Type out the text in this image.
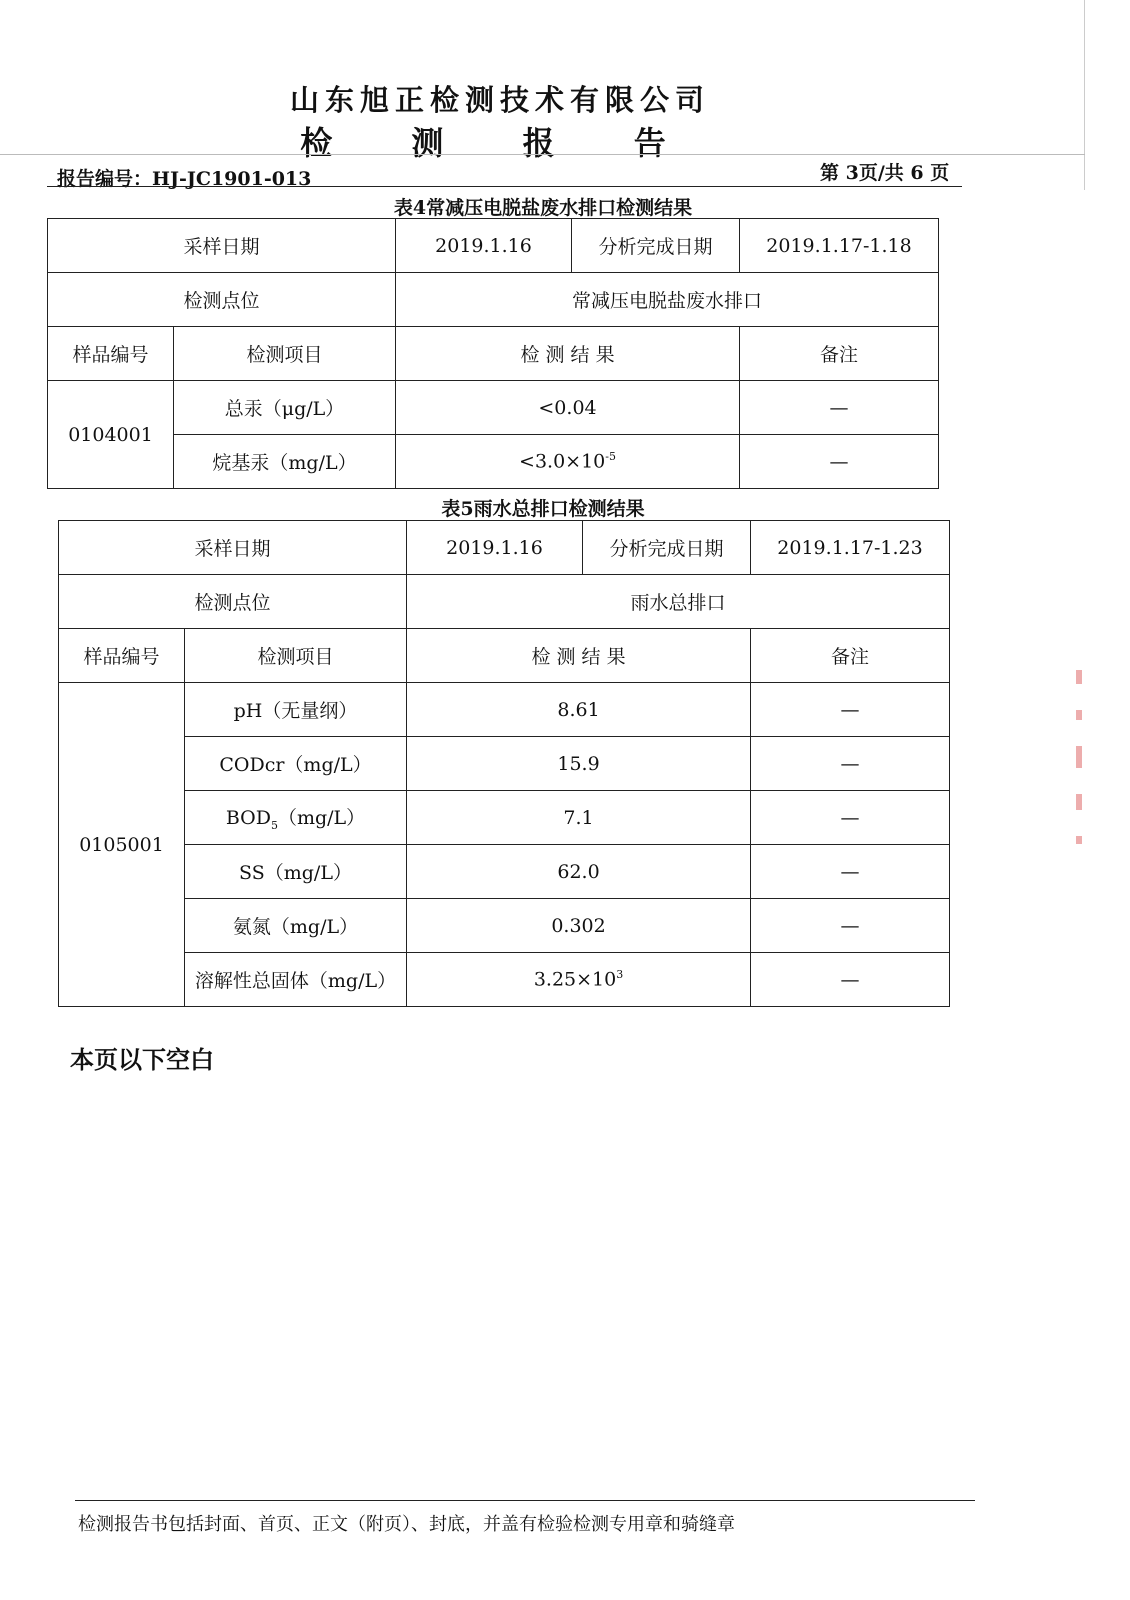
山东旭正检测技术有限公司
检 测 报 告
报告编号：HJ-JC1901-013	第 3页/共 6 页
表4常减压电脱盐废水排口检测结果
采样日期		2019.1.16	分析完成日期	2019.1.17-1.18
检测点位		常减压电脱盐废水排口		
样品编号	检测项目	检 测 结 果		备注
0104001	总汞（μg/L）	<0.04		—
	烷基汞（mg/L）	$<3.0\times 10^{-5}$		—
表5雨水总排口检测结果
采样日期		2019.1.16	分析完成日期	2019.1.17-1.23
检测点位		雨水总排口		
样品编号	检测项目	检 测 结 果		备注
0105001	pH（无量纲）	8.61		—
	CODcr（mg/L）	15.9		—
	$BOD_5(mg/L)$	7.1		—
	SS（mg/L）	62.0		—
	氨氮（mg/L）	0.302		—
	溶解性总固体（mg/L）	$3.25\times 10^3$		—
本页以下空白
检测报告书包括封面、首页、正文（附页）、封底，并盖有检验检测专用章和骑缝章
